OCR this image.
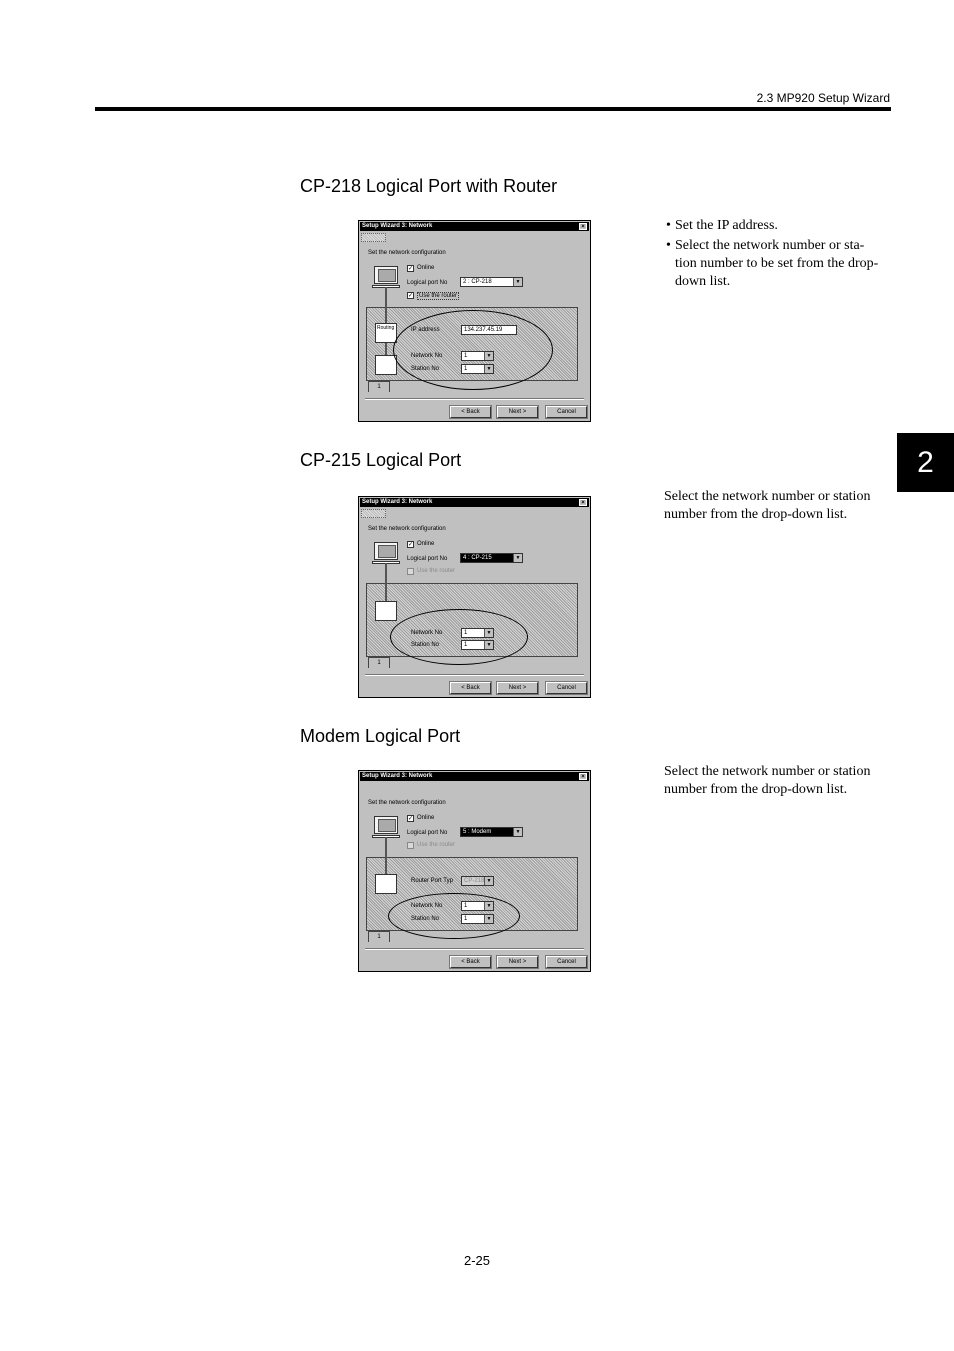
2.3 MP920 Setup Wizard
2
CP-218 Logical Port with Router
• Set the IP address.
• Select the network number or sta-tion number to be set from the drop-down list.
Setup Wizard 3: Network	×
Set the network configuration
✓ Online
Logical port No	2 : CP-218	▼
✓ Use the router
Routing	IP address	134.237.45.19
Network No	1	▼
Station No	1	▼
1
< Back	Next >	Cancel
CP-215 Logical Port
Select the network number or station number from the drop-down list.
Setup Wizard 3: Network	×
Set the network configuration
✓ Online
Logical port No	4 : CP-215	▼
Use the router
Network No	1	▼
Station No	1	▼
1
< Back	Next >	Cancel
Modem Logical Port
Select the network number or station number from the drop-down list.
Setup Wizard 3: Network	×
Set the network configuration
✓ Online
Logical port No	5 : Modem	▼
Use the router
Router Port Typ	CP-218 ▼
Network No	1	▼
Station No	1	▼
1
< Back	Next >	Cancel
2-25
